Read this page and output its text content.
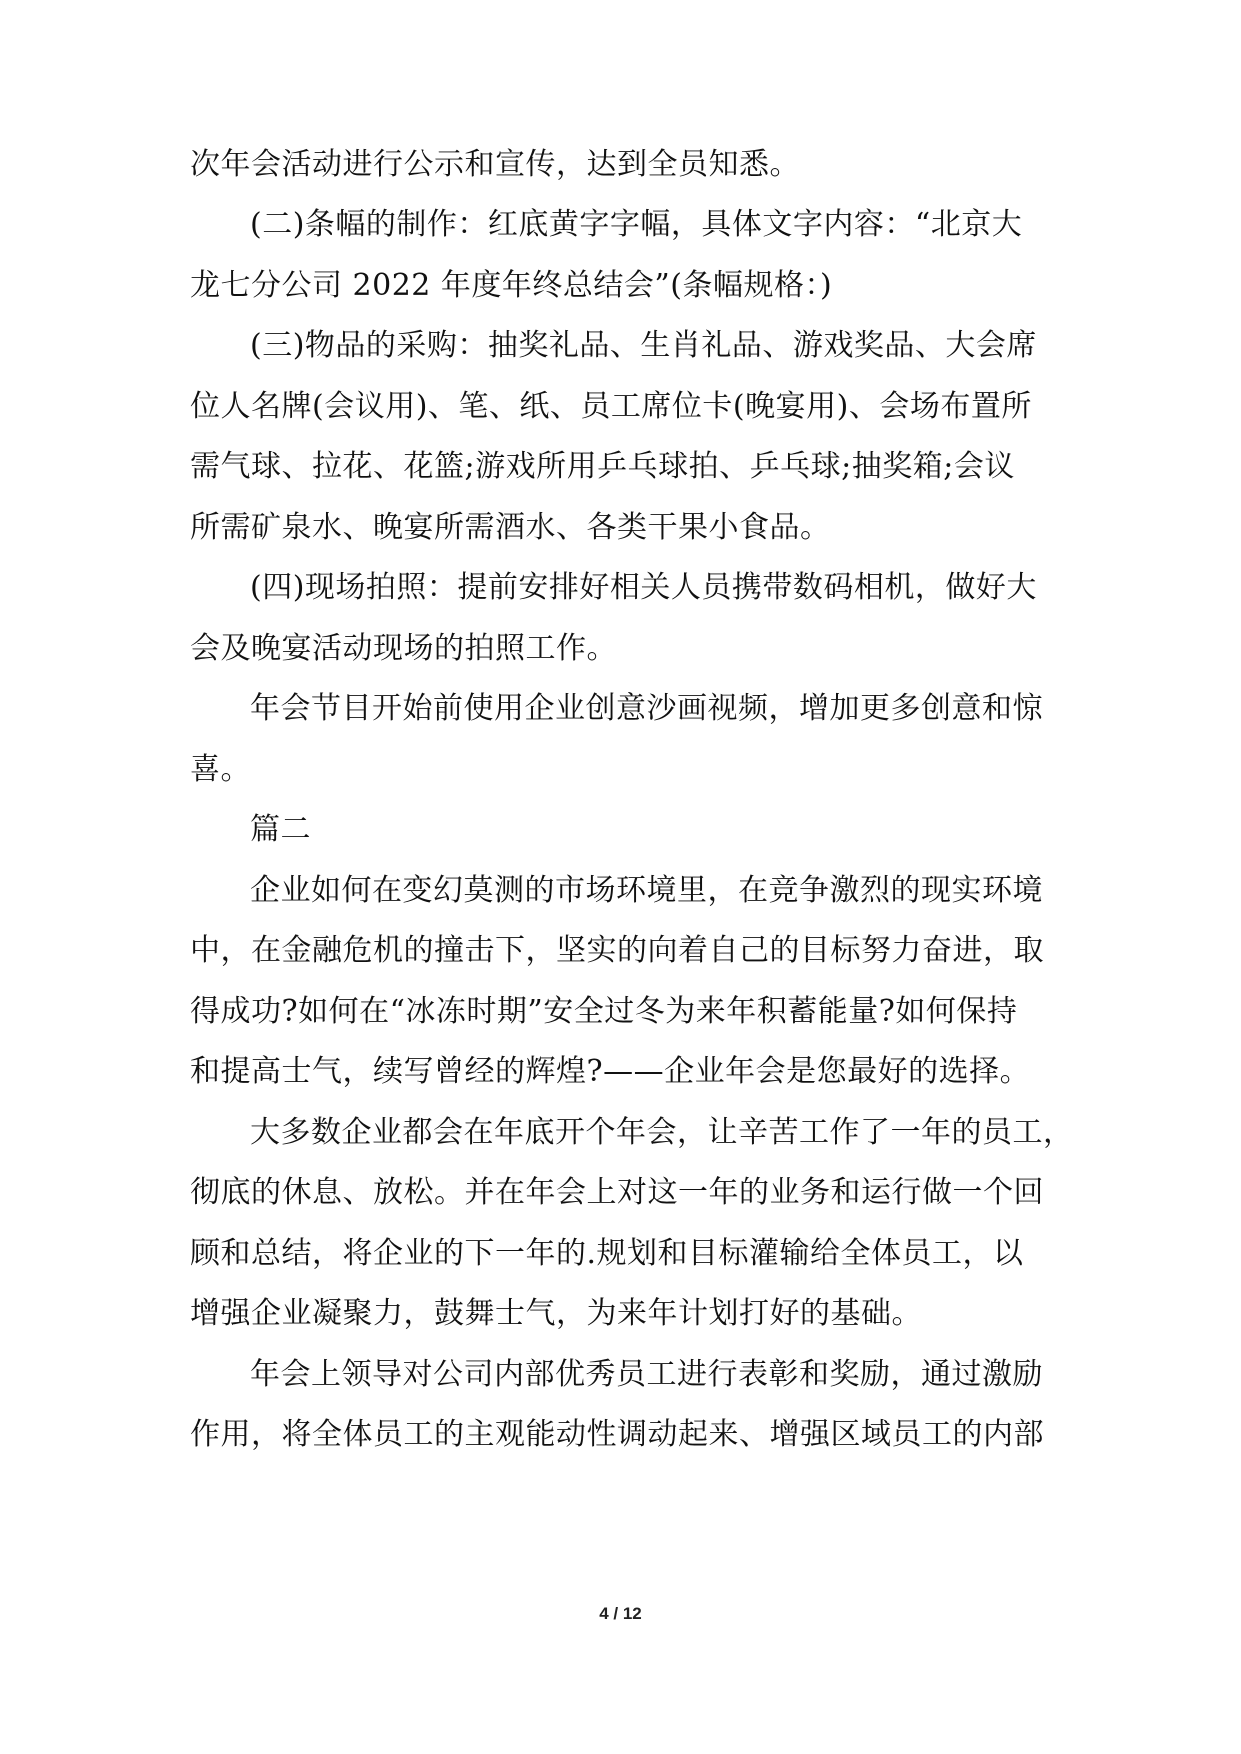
次年会活动进行公示和宣传，达到全员知悉。
(二)条幅的制作：红底黄字字幅，具体文字内容：“北京大
龙七分公司 2022 年度年终总结会”(条幅规格：)
(三)物品的采购：抽奖礼品、生肖礼品、游戏奖品、大会席
位人名牌(会议用)、笔、纸、员工席位卡(晚宴用)、会场布置所
需气球、拉花、花篮;游戏所用乒乓球拍、乒乓球;抽奖箱;会议
所需矿泉水、晚宴所需酒水、各类干果小食品。
(四)现场拍照：提前安排好相关人员携带数码相机，做好大
会及晚宴活动现场的拍照工作。
年会节目开始前使用企业创意沙画视频，增加更多创意和惊
喜。
篇二
企业如何在变幻莫测的市场环境里，在竞争激烈的现实环境
中，在金融危机的撞击下，坚实的向着自己的目标努力奋进，取
得成功?如何在“冰冻时期”安全过冬为来年积蓄能量?如何保持
和提高士气，续写曾经的辉煌?——企业年会是您最好的选择。
大多数企业都会在年底开个年会，让辛苦工作了一年的员工，
彻底的休息、放松。并在年会上对这一年的业务和运行做一个回
顾和总结，将企业的下一年的.规划和目标灌输给全体员工，以
增强企业凝聚力，鼓舞士气，为来年计划打好的基础。
年会上领导对公司内部优秀员工进行表彰和奖励，通过激励
作用，将全体员工的主观能动性调动起来、增强区域员工的内部
4 / 12
